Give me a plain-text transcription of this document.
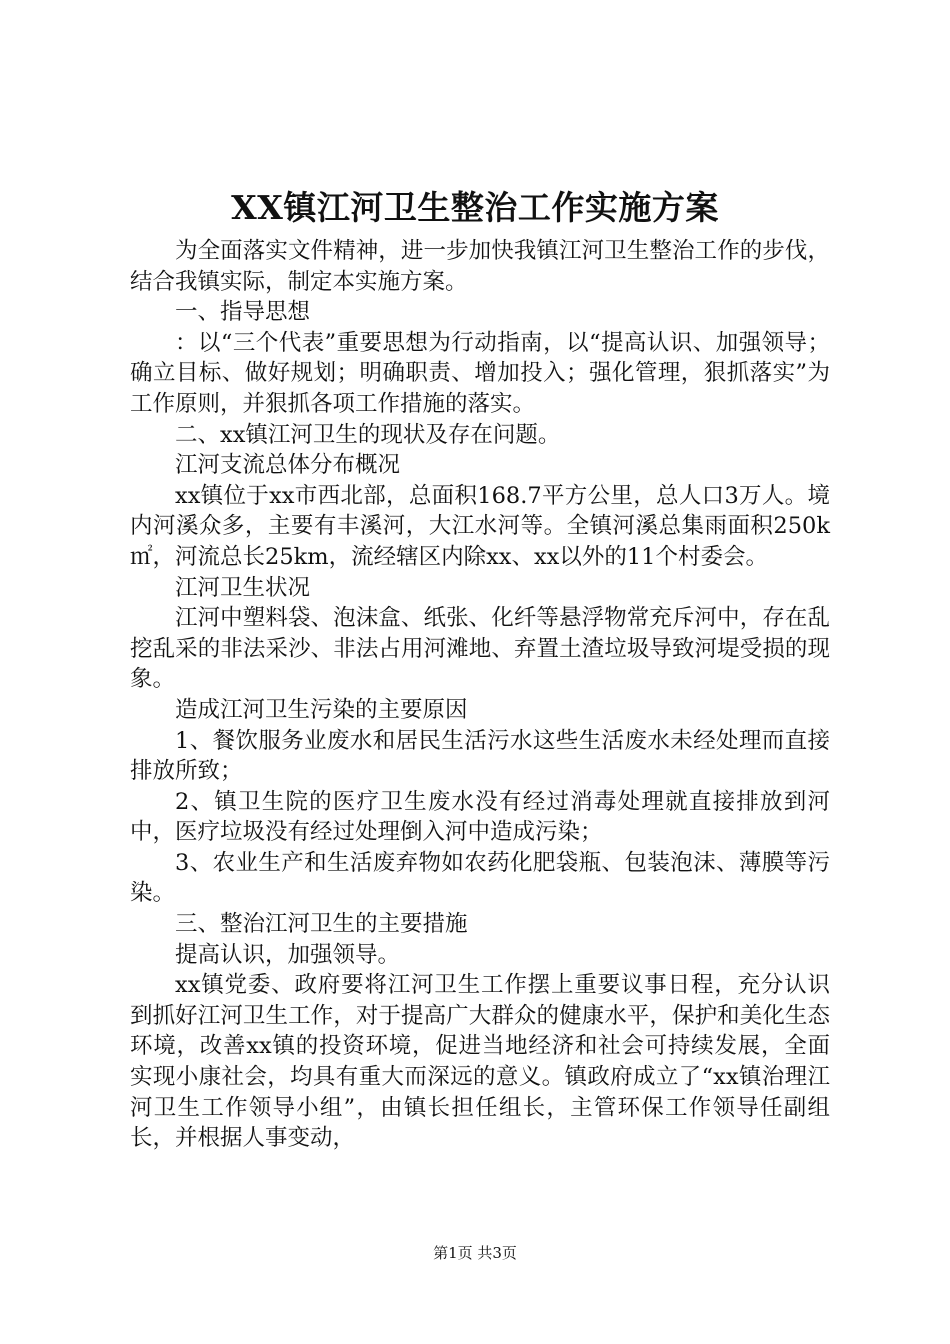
XX镇江河卫生整治工作实施方案

为全面落实文件精神，进一步加快我镇江河卫生整治工作的步伐，结合我镇实际，制定本实施方案。

一、指导思想

：以“三个代表”重要思想为行动指南，以“提高认识、加强领导；确立目标、做好规划；明确职责、增加投入；强化管理，狠抓落实”为工作原则，并狠抓各项工作措施的落实。

二、xx镇江河卫生的现状及存在问题。

江河支流总体分布概况

xx镇位于xx市西北部，总面积168.7平方公里，总人口3万人。境内河溪众多，主要有丰溪河，大江水河等。全镇河溪总集雨面积250k㎡，河流总长25km，流经辖区内除xx、xx以外的11个村委会。

江河卫生状况

江河中塑料袋、泡沫盒、纸张、化纤等悬浮物常充斥河中，存在乱挖乱采的非法采沙、非法占用河滩地、弃置土渣垃圾导致河堤受损的现象。

造成江河卫生污染的主要原因

1、餐饮服务业废水和居民生活污水这些生活废水未经处理而直接排放所致；

2、镇卫生院的医疗卫生废水没有经过消毒处理就直接排放到河中，医疗垃圾没有经过处理倒入河中造成污染；

3、农业生产和生活废弃物如农药化肥袋瓶、包装泡沫、薄膜等污染。

三、整治江河卫生的主要措施

提高认识，加强领导。

xx镇党委、政府要将江河卫生工作摆上重要议事日程，充分认识到抓好江河卫生工作，对于提高广大群众的健康水平，保护和美化生态环境，改善xx镇的投资环境，促进当地经济和社会可持续发展，全面实现小康社会，均具有重大而深远的意义。镇政府成立了“xx镇治理江河卫生工作领导小组”，由镇长担任组长，主管环保工作领导任副组长，并根据人事变动，

第1页 共3页
